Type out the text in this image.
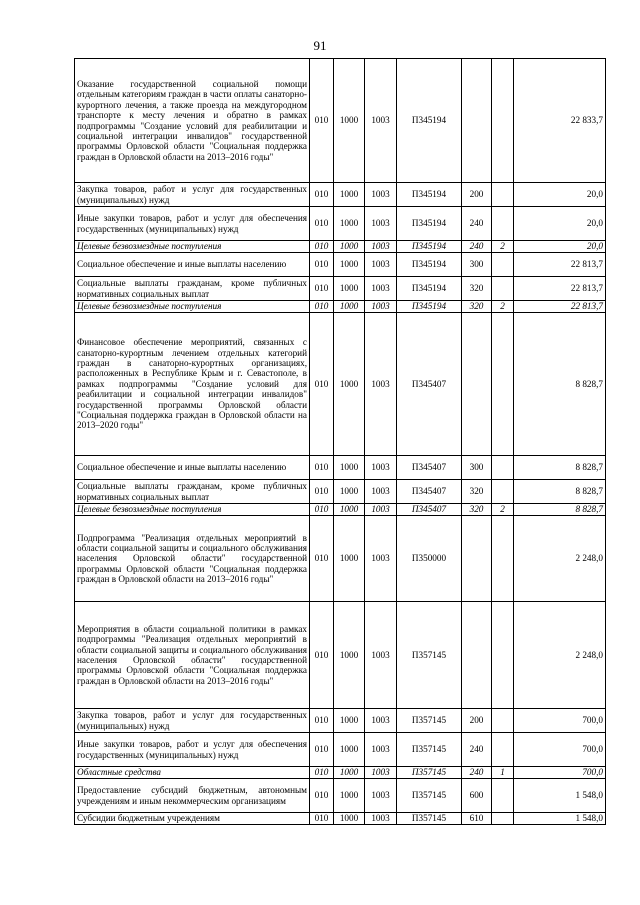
91
Оказание государственной социальной помощи отдельным категориям граждан в части оплаты санаторно-курортного лечения, а также проезда на междугородном транспорте к месту лечения и обратно в рамках подпрограммы "Создание условий для реабилитации и социальной интеграции инвалидов" государственной программы Орловской области "Социальная поддержка граждан в Орловской области на 2013–2016 годы"	010	1000	1003	П345194			22 833,7
Закупка товаров, работ и услуг для государственных (муниципальных) нужд	010	1000	1003	П345194	200		20,0
Иные закупки товаров, работ и услуг для обеспечения государственных (муниципальных) нужд	010	1000	1003	П345194	240		20,0
Целевые безвозмездные поступления	010	1000	1003	П345194	240	2	20,0
Социальное обеспечение и иные выплаты населению	010	1000	1003	П345194	300		22 813,7
Социальные выплаты гражданам, кроме публичных нормативных социальных выплат	010	1000	1003	П345194	320		22 813,7
Целевые безвозмездные поступления	010	1000	1003	П345194	320	2	22 813,7
Финансовое обеспечение мероприятий, связанных с санаторно-курортным лечением отдельных категорий граждан в санаторно-курортных организациях, расположенных в Республике Крым и г. Севастополе, в рамках подпрограммы "Создание условий для реабилитации и социальной интеграции инвалидов" государственной программы Орловской области "Социальная поддержка граждан в Орловской области на 2013–2020 годы"	010	1000	1003	П345407			8 828,7
Социальное обеспечение и иные выплаты населению	010	1000	1003	П345407	300		8 828,7
Социальные выплаты гражданам, кроме публичных нормативных социальных выплат	010	1000	1003	П345407	320		8 828,7
Целевые безвозмездные поступления	010	1000	1003	П345407	320	2	8 828,7
Подпрограмма "Реализация отдельных мероприятий в области социальной защиты и социального обслуживания населения Орловской области" государственной программы Орловской области "Социальная поддержка граждан в Орловской области на 2013–2016 годы"	010	1000	1003	П350000			2 248,0
Мероприятия в области социальной политики в рамках подпрограммы "Реализация отдельных мероприятий в области социальной защиты и социального обслуживания населения Орловской области" государственной программы Орловской области "Социальная поддержка граждан в Орловской области на 2013–2016 годы"	010	1000	1003	П357145			2 248,0
Закупка товаров, работ и услуг для государственных (муниципальных) нужд	010	1000	1003	П357145	200		700,0
Иные закупки товаров, работ и услуг для обеспечения государственных (муниципальных) нужд	010	1000	1003	П357145	240		700,0
Областные средства	010	1000	1003	П357145	240	1	700,0
Предоставление субсидий бюджетным, автономным учреждениям и иным некоммерческим организациям	010	1000	1003	П357145	600		1 548,0
Субсидии бюджетным учреждениям	010	1000	1003	П357145	610		1 548,0
